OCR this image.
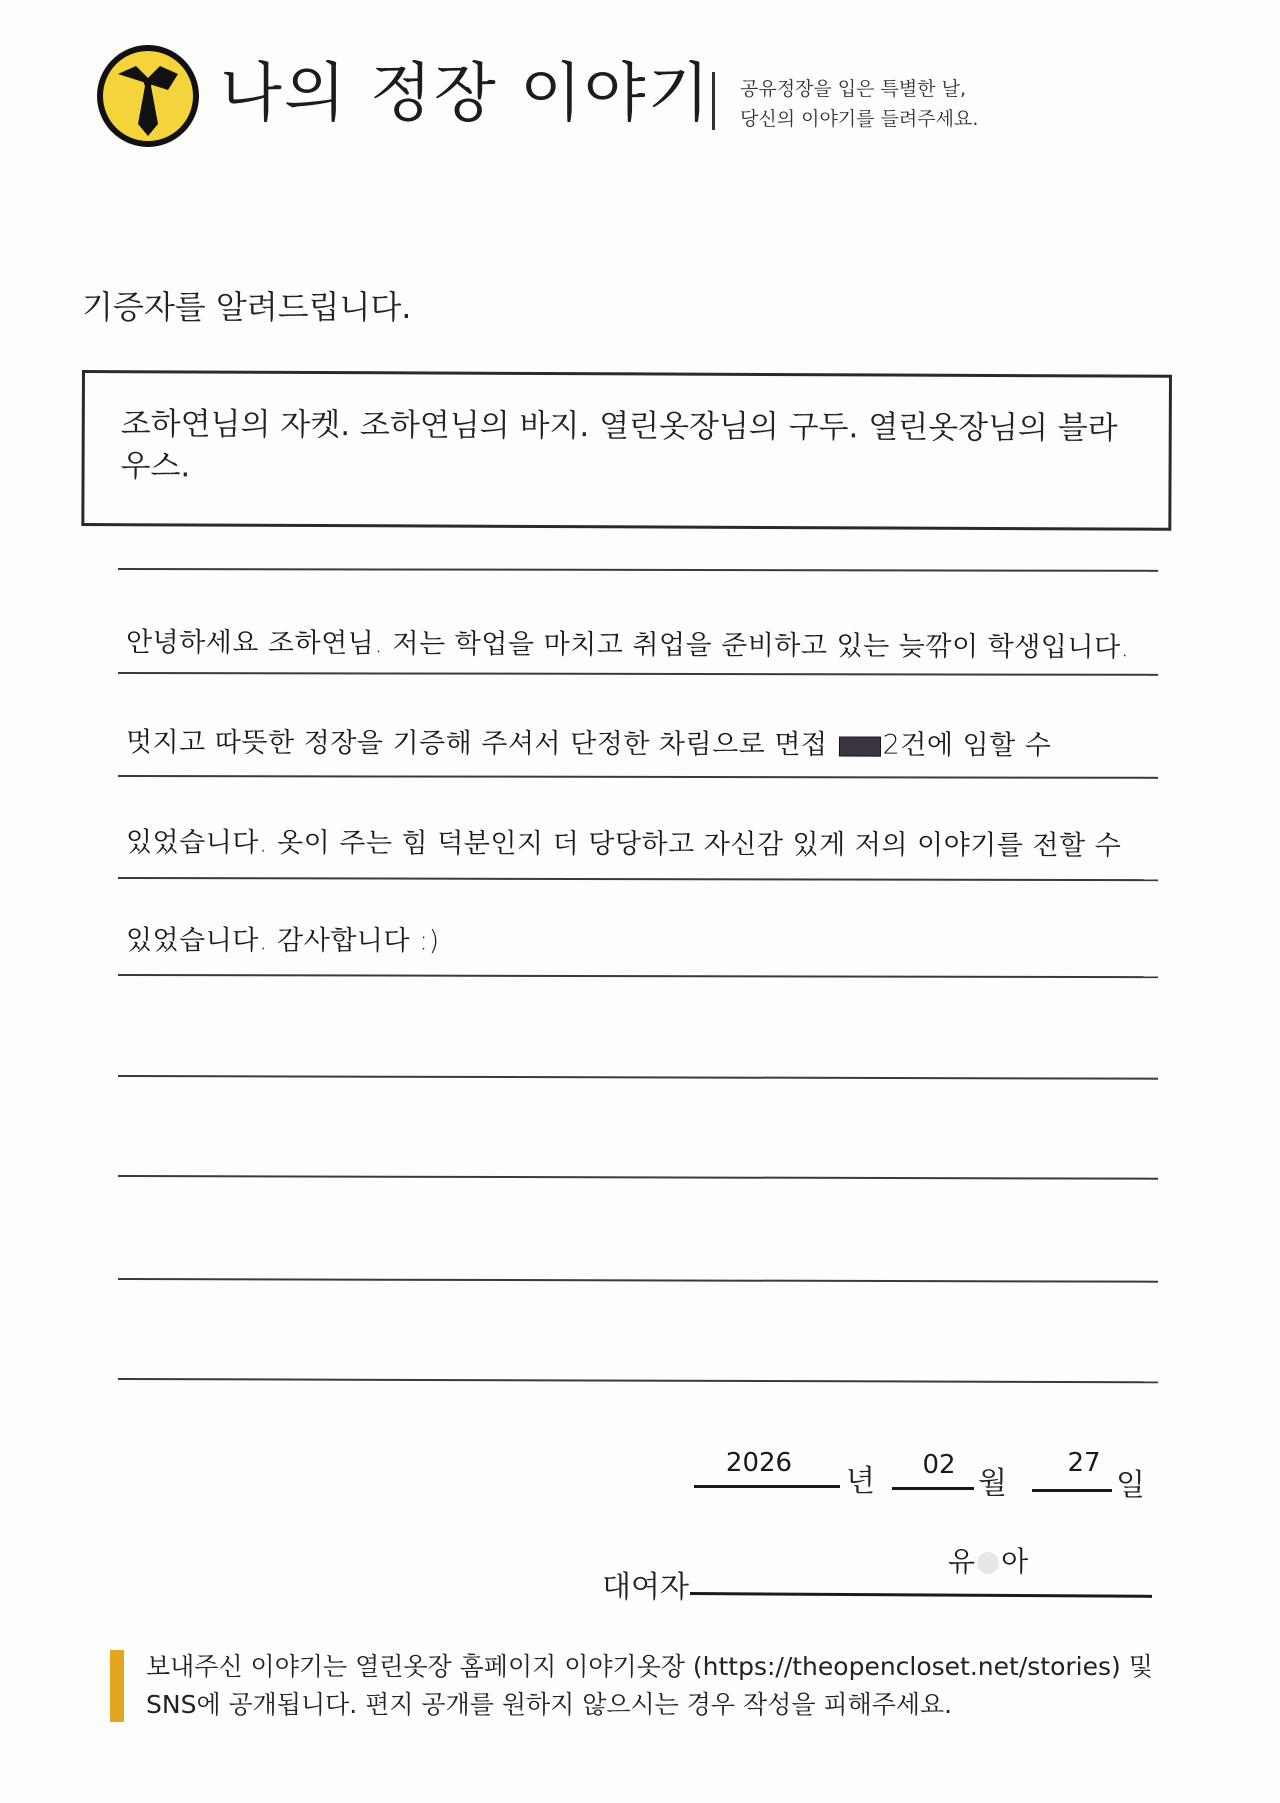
나의 정장 이야기 공유정장을 입은 특별한 날,
당신의 이야기를 들려주세요.
기증자를 알려드립니다.
조하연님의 자켓. 조하연님의 바지. 열린옷장님의 구두. 열린옷장님의 블라우스.
안녕하세요 조하연님. 저는 학업을 마치고 취업을 준비하고 있는 늦깎이 학생입니다.
멋지고 따뜻한 정장을 기증해 주셔서 단정한 차림으로 면접 2건에 임할 수
있었습니다. 옷이 주는 힘 덕분인지 더 당당하고 자신감 있게 저의 이야기를 전할 수
있었습니다. 감사합니다 :)
2026
년	02
월
27
일
대여자
유 아
보내주신 이야기는 열린옷장 홈페이지 이야기옷장 (https://theopencloset.net/stories) 및
SNS에 공개됩니다. 편지 공개를 원하지 않으시는 경우 작성을 피해주세요.
